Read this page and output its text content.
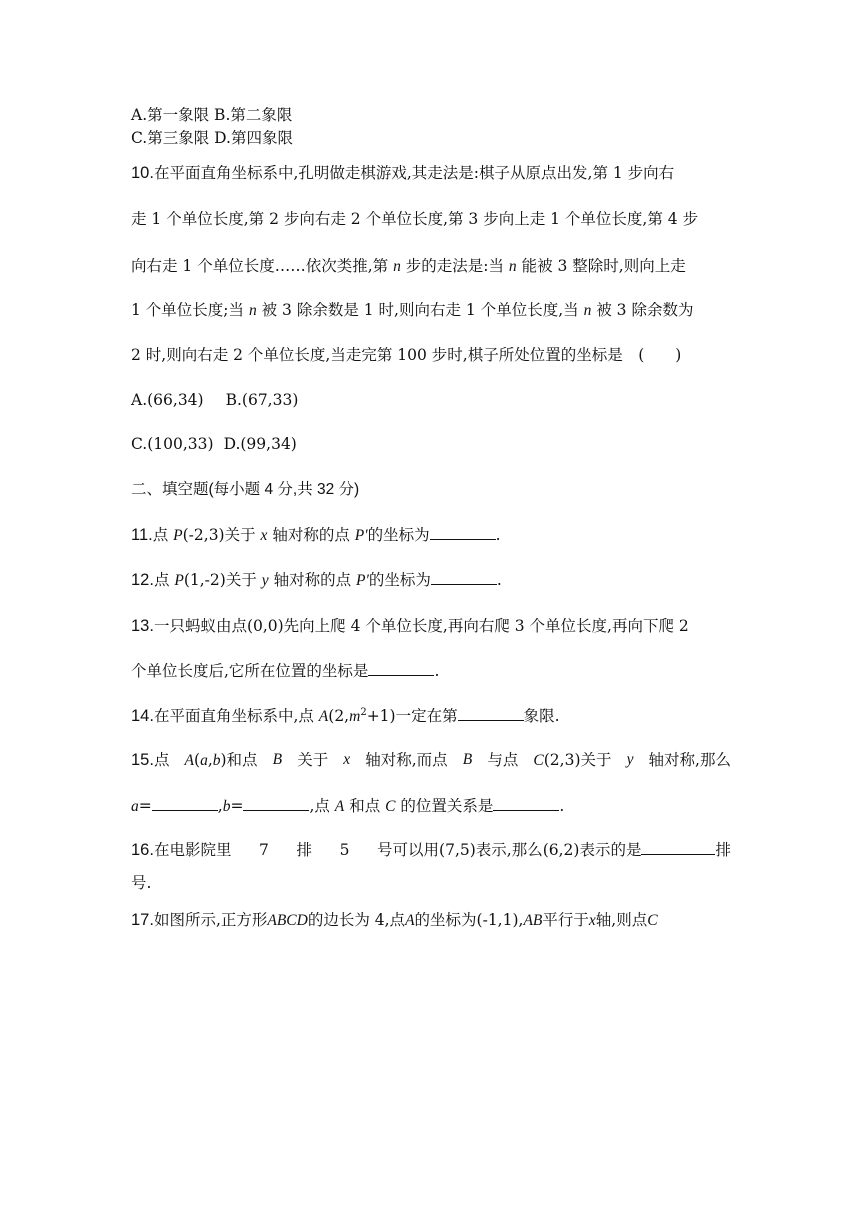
A.第一象限 B.第二象限
C.第三象限 D.第四象限
10.在平面直角坐标系中,孔明做走棋游戏,其走法是:棋子从原点出发,第 1 步向右
走 1 个单位长度,第 2 步向右走 2 个单位长度,第 3 步向上走 1 个单位长度,第 4 步
向右走 1 个单位长度……依次类推,第 n 步的走法是:当 n 能被 3 整除时,则向上走
1 个单位长度;当 n 被 3 除余数是 1 时,则向右走 1 个单位长度,当 n 被 3 除余数为
2 时,则向右走 2 个单位长度,当走完第 100 步时,棋子所处位置的坐标是　(　　)
A.(66,34) B.(67,33)
C.(100,33) D.(99,34)
二、填空题(每小题 4 分,共 32 分)
11.点 P(-2,3)关于 x 轴对称的点 P′的坐标为	.
12.点 P(1,-2)关于 y 轴对称的点 P′的坐标为	.
13.一只蚂蚁由点(0,0)先向上爬 4 个单位长度,再向右爬 3 个单位长度,再向下爬 2
个单位长度后,它所在位置的坐标是	.
14.在平面直角坐标系中,点 $A(2,m^2+1)$一定在第	象限.
15.点 A(a,b)和点 B 关于 x 轴对称,而点 B 与点 C(2,3)关于 y 轴对称,那么
a=	,b=	,点 A 和点 C 的位置关系是	.
16.在电影院里 7 排 5 号可以用(7,5)表示,那么(6,2)表示的是	排
号.
17.如图所示,正方形ABCD的边长为 4,点A的坐标为(-1,1),AB平行于x轴,则点C
